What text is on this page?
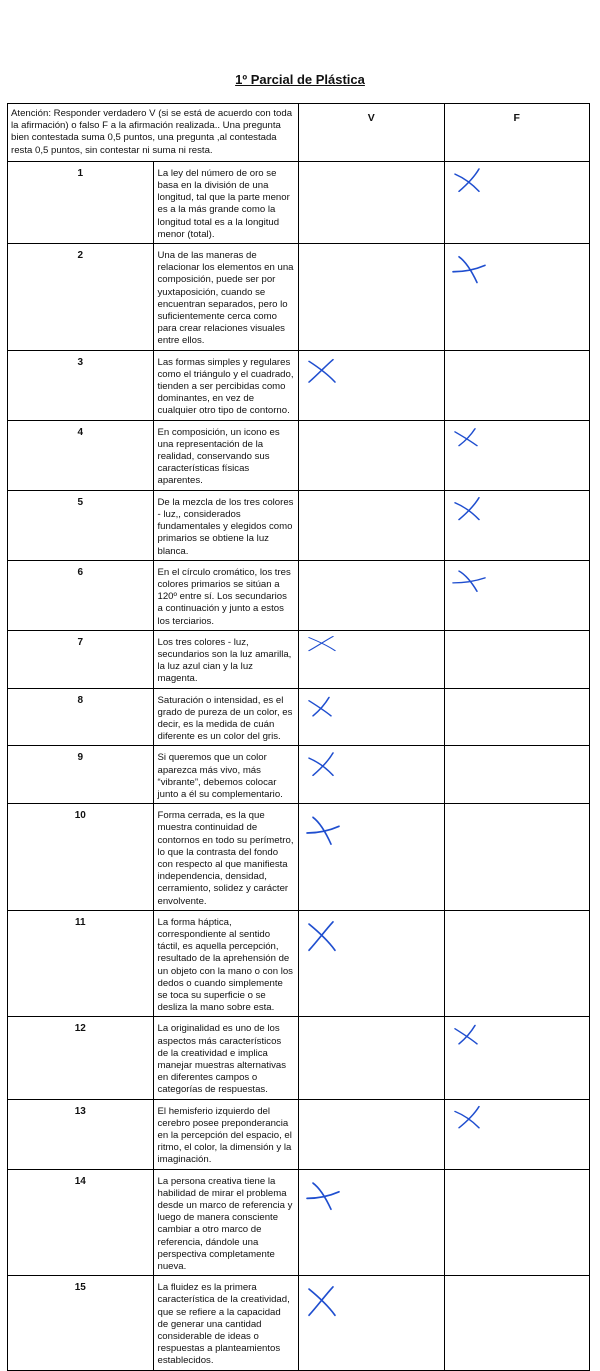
1º Parcial de Plástica
Atención: Responder verdadero V (si se está de acuerdo con toda la afirmación) o falso F a la afirmación realizada.. Una pregunta bien contestada suma 0,5 puntos, una pregunta ,al contestada resta 0,5 puntos, sin contestar ni suma ni resta.		V	F
1	La ley del número de oro se basa en la división de una longitud, tal que la parte menor es a la más grande como la longitud total es a la longitud menor (total).		

2	Una de las maneras de relacionar los elementos en una composición, puede ser por yuxtaposición, cuando se encuentran separados, pero lo suficientemente cerca como para crear relaciones visuales entre ellos.		

3	Las formas simples y regulares como el triángulo y el cuadrado, tienden a ser percibidas como dominantes, en vez de cualquier otro tipo de contorno.	

4	En composición, un icono es una representación de la realidad, conservando sus características físicas aparentes.		

5	De la mezcla de los tres colores - luz,, considerados fundamentales y elegidos como primarios se obtiene la luz blanca.		

6	En el círculo cromático, los tres colores primarios se sitúan a 120º entre sí. Los secundarios a continuación y junto a estos los terciarios.		

7	Los tres colores - luz, secundarios son la luz amarilla, la luz azul cian y la luz magenta.	

8	Saturación o intensidad, es el grado de pureza de un color, es decir, es la medida de cuán diferente es un color del gris.	

9	Si queremos que un color aparezca más vivo, más “vibrante”, debemos colocar junto a él su complementario.	

10	Forma cerrada, es la que muestra continuidad de contornos en todo su perímetro, lo que la contrasta del fondo con respecto al que manifiesta independencia, densidad, cerramiento, solidez y carácter envolvente.	

11	La forma háptica, correspondiente al sentido táctil, es aquella percepción, resultado de la aprehensión de un objeto con la mano o con los dedos o cuando simplemente se toca su superficie o se desliza la mano sobre esta.	

12	La originalidad es uno de los aspectos más característicos de la creatividad e implica manejar muestras alternativas en diferentes campos o categorías de respuestas.		

13	El hemisferio izquierdo del cerebro posee preponderancia en la percepción del espacio, el ritmo, el color, la dimensión y la imaginación.		

14	La persona creativa tiene la habilidad de mirar el problema desde un marco de referencia y luego de manera consciente cambiar a otro marco de referencia, dándole una perspectiva completamente nueva.	

15	La fluidez es la primera característica de la creatividad, que se refiere a la capacidad de generar una cantidad considerable de ideas o respuestas a planteamientos establecidos.	
